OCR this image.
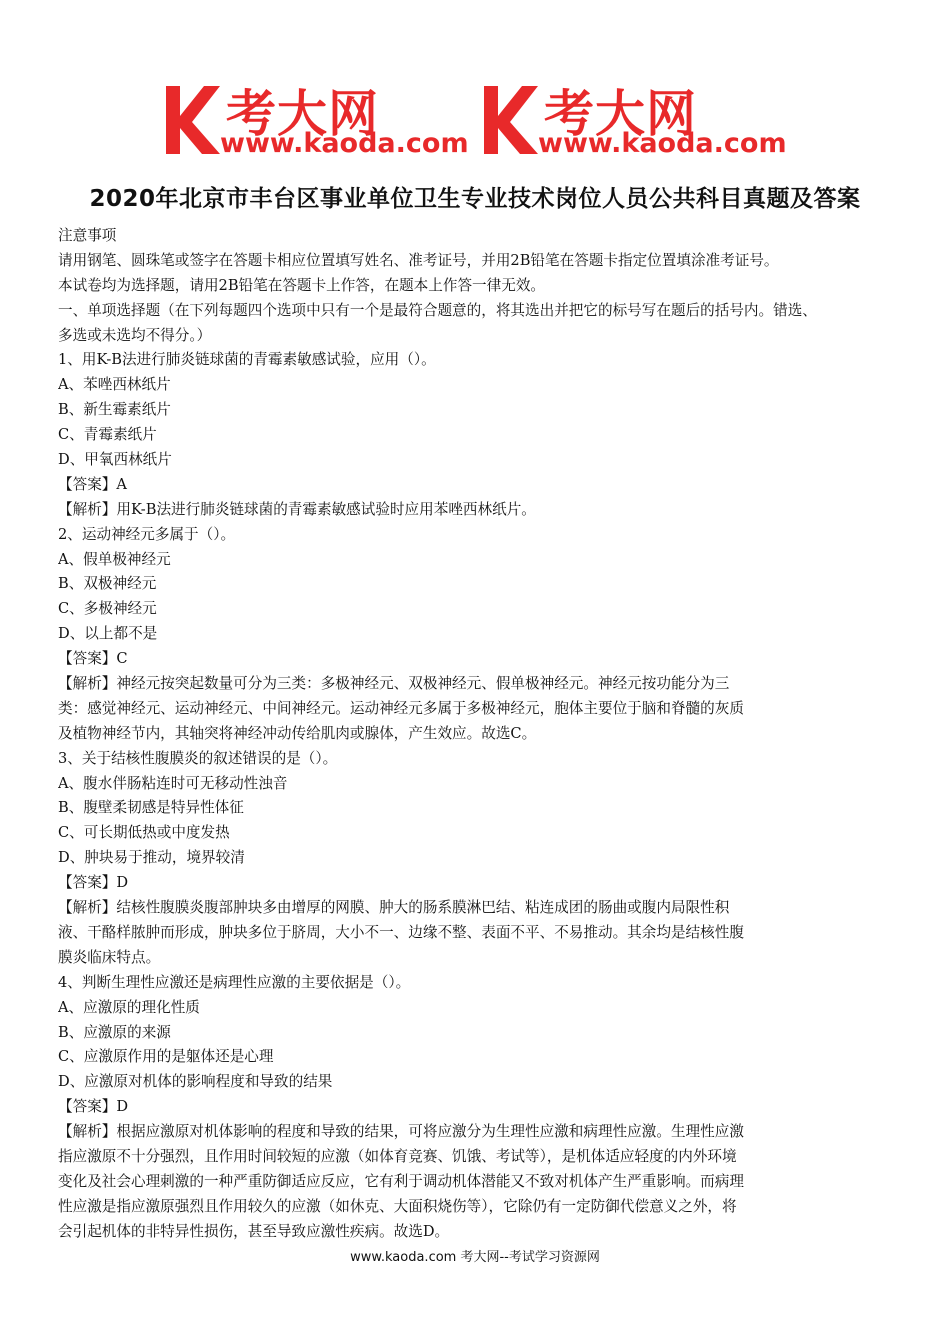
考大网
www.kaoda.com
考大网
www.kaoda.com
2020年北京市丰台区事业单位卫生专业技术岗位人员公共科目真题及答案
注意事项
请用钢笔、圆珠笔或签字在答题卡相应位置填写姓名、准考证号，并用2B铅笔在答题卡指定位置填涂准考证号。
本试卷均为选择题，请用2B铅笔在答题卡上作答，在题本上作答一律无效。
一、单项选择题（在下列每题四个选项中只有一个是最符合题意的，将其选出并把它的标号写在题后的括号内。错选、
多选或未选均不得分。）
1、用K-B法进行肺炎链球菌的青霉素敏感试验，应用（）。
A、苯唑西林纸片
B、新生霉素纸片
C、青霉素纸片
D、甲氧西林纸片
【答案】A
【解析】用K-B法进行肺炎链球菌的青霉素敏感试验时应用苯唑西林纸片。
2、运动神经元多属于（）。
A、假单极神经元
B、双极神经元
C、多极神经元
D、以上都不是
【答案】C
【解析】神经元按突起数量可分为三类：多极神经元、双极神经元、假单极神经元。神经元按功能分为三
类：感觉神经元、运动神经元、中间神经元。运动神经元多属于多极神经元，胞体主要位于脑和脊髓的灰质
及植物神经节内，其轴突将神经冲动传给肌肉或腺体，产生效应。故选C。
3、关于结核性腹膜炎的叙述错误的是（）。
A、腹水伴肠粘连时可无移动性浊音
B、腹壁柔韧感是特异性体征
C、可长期低热或中度发热
D、肿块易于推动，境界较清
【答案】D
【解析】结核性腹膜炎腹部肿块多由增厚的网膜、肿大的肠系膜淋巴结、粘连成团的肠曲或腹内局限性积
液、干酪样脓肿而形成，肿块多位于脐周，大小不一、边缘不整、表面不平、不易推动。其余均是结核性腹
膜炎临床特点。
4、判断生理性应激还是病理性应激的主要依据是（）。
A、应激原的理化性质
B、应激原的来源
C、应激原作用的是躯体还是心理
D、应激原对机体的影响程度和导致的结果
【答案】D
【解析】根据应激原对机体影响的程度和导致的结果，可将应激分为生理性应激和病理性应激。生理性应激
指应激原不十分强烈，且作用时间较短的应激（如体育竞赛、饥饿、考试等），是机体适应轻度的内外环境
变化及社会心理刺激的一种严重防御适应反应，它有利于调动机体潜能又不致对机体产生严重影响。而病理
性应激是指应激原强烈且作用较久的应激（如休克、大面积烧伤等），它除仍有一定防御代偿意义之外，将
会引起机体的非特异性损伤，甚至导致应激性疾病。故选D。
www.kaoda.com 考大网--考试学习资源网
